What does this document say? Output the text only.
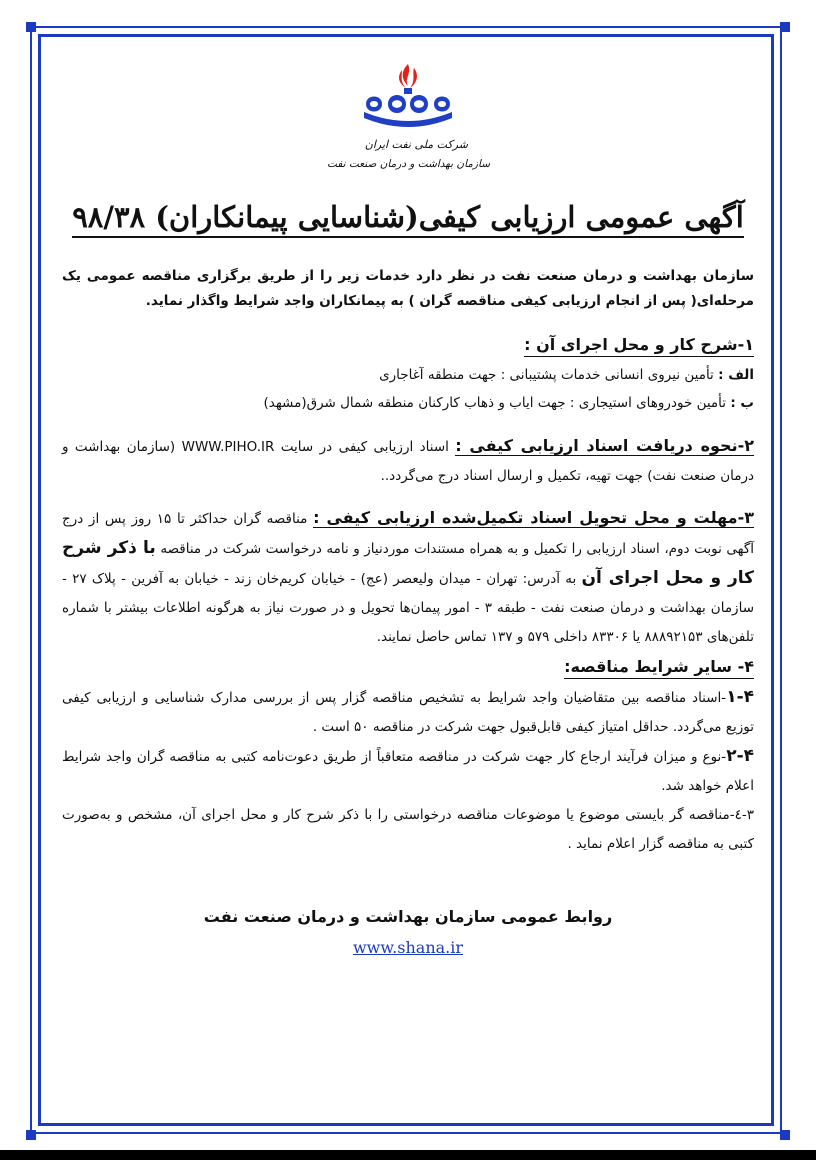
شرکت ملی نفت ایران
سازمان بهداشت و درمان صنعت نفت
آگهی عمومی ارزیابی کیفی(شناسایی پیمانکاران) ۹۸/۳۸
سازمان بهداشت و درمان صنعت نفت در نظر دارد خدمات زیر را از طریق برگزاری مناقصه عمومی یک مرحله‌ای( پس از انجام ارزیابی کیفی مناقصه گران ) به پیمانکاران واجد شرایط واگذار نماید.
۱-شرح کار و محل اجرای آن :
الف : تأمین نیروی انسانی خدمات پشتیبانی : جهت منطقه آغاجاری
ب : تأمین خودروهای استیجاری : جهت ایاب و ذهاب کارکنان منطقه شمال شرق(مشهد)
۲-نحوه دریافت اسناد ارزیابی کیفی : اسناد ارزیابی کیفی در سایت WWW.PIHO.IR (سازمان بهداشت و درمان صنعت نفت) جهت تهیه، تکمیل و ارسال اسناد درج می‌گردد..
۳-مهلت و محل تحویل اسناد تکمیل‌شده ارزیابی کیفی : مناقصه گران حداکثر تا ۱۵ روز پس از درج آگهی نوبت دوم، اسناد ارزیابی را تکمیل و به همراه مستندات موردنیاز و نامه درخواست شرکت در مناقصه با ذکر شرح کار و محل اجرای آن به آدرس: تهران - میدان ولیعصر (عج) - خیابان کریم‌خان زند - خیابان به آفرین - پلاک ۲۷ - سازمان بهداشت و درمان صنعت نفت - طبقه ۳ - امور پیمان‌ها تحویل و در صورت نیاز به هرگونه اطلاعات بیشتر با شماره تلفن‌های ۸۸۸۹۲۱۵۳ یا ۸۳۳۰۶ داخلی ۵۷۹ و ۱۳۷ تماس حاصل نمایند.
۴- سایر شرایط مناقصه:
۱-۴-اسناد مناقصه بین متقاضیان واجد شرایط به تشخیص مناقصه گزار پس از بررسی مدارک شناسایی و ارزیابی کیفی توزیع می‌گردد. حداقل امتیاز کیفی قابل‌قبول جهت شرکت در مناقصه ۵۰ است .
۲-۴-نوع و میزان فرآیند ارجاع کار جهت شرکت در مناقصه متعاقباً از طریق دعوت‌نامه کتبی به مناقصه گران واجد شرایط اعلام خواهد شد.
۳-٤-مناقصه گر بایستی موضوع یا موضوعات مناقصه درخواستی را با ذکر شرح کار و محل اجرای آن، مشخص و به‌صورت کتبی به مناقصه گزار اعلام نماید .
روابط عمومی سازمان بهداشت و درمان صنعت نفت
www.shana.ir
